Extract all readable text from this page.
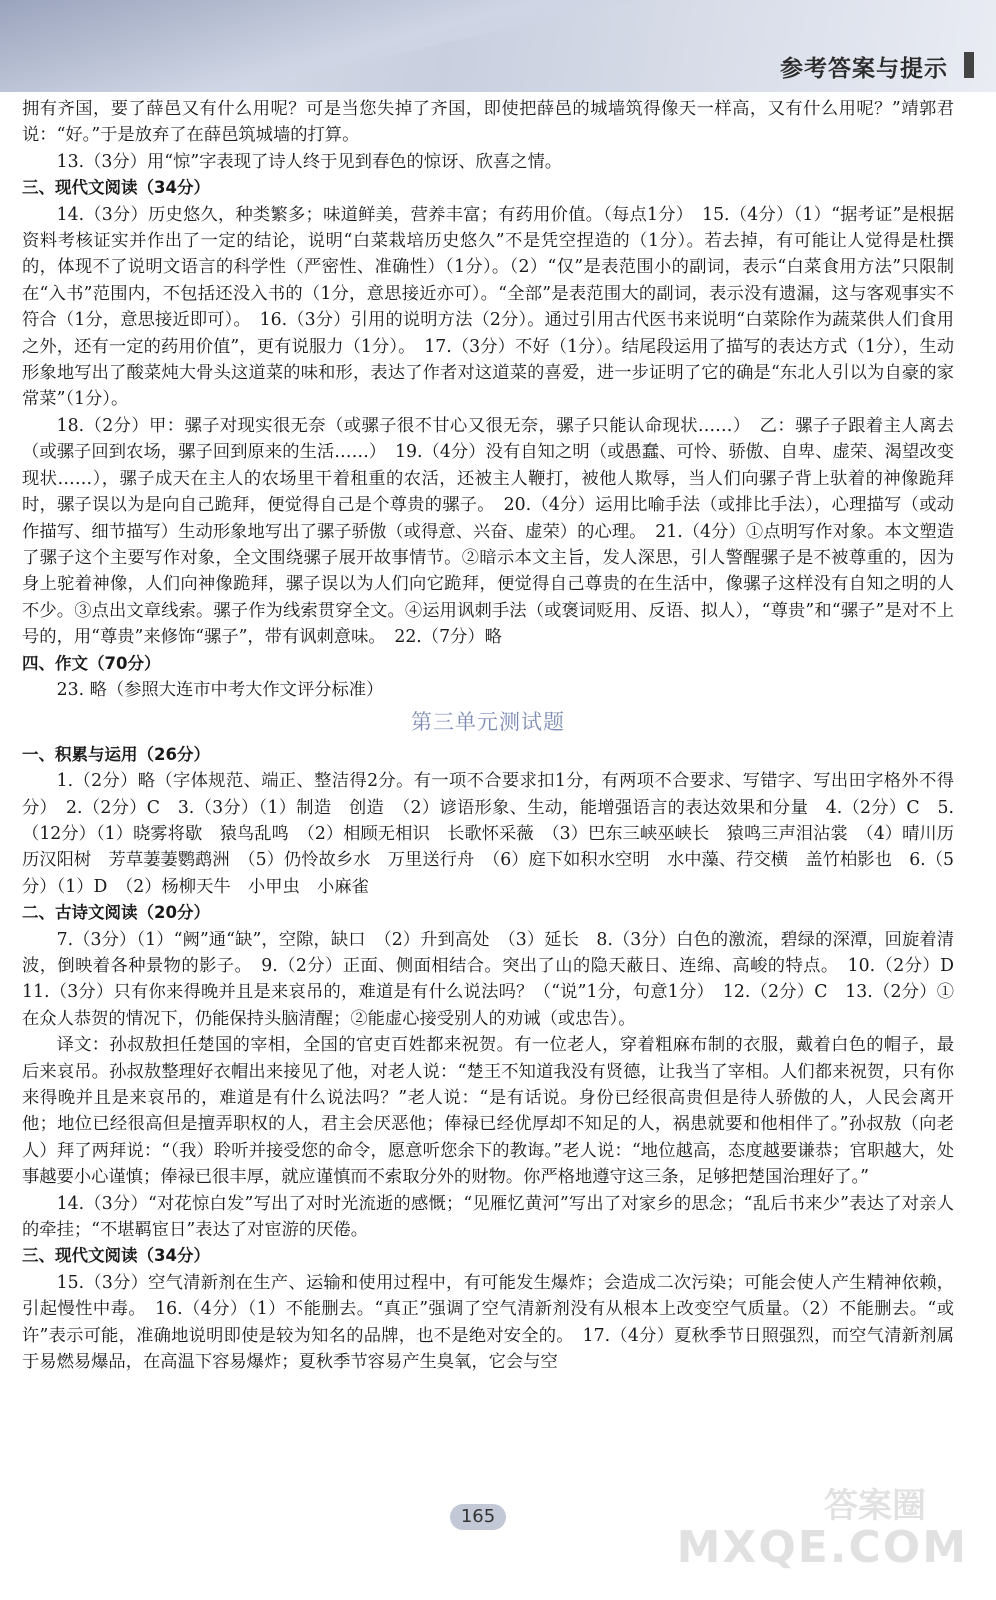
参考答案与提示

拥有齐国，要了薛邑又有什么用呢？可是当您失掉了齐国，即使把薛邑的城墙筑得像天一样高，又有什么用呢？”靖郭君说：“好。”于是放弃了在薛邑筑城墙的打算。

13.（3分）用“惊”字表现了诗人终于见到春色的惊讶、欣喜之情。

三、现代文阅读（34分）

14.（3分）历史悠久，种类繁多；味道鲜美，营养丰富；有药用价值。（每点1分）　15.（4分）（1）“据考证”是根据资料考核证实并作出了一定的结论，说明“白菜栽培历史悠久”不是凭空捏造的（1分）。若去掉，有可能让人觉得是杜撰的，体现不了说明文语言的科学性（严密性、准确性）（1分）。（2）“仅”是表范围小的副词，表示“白菜食用方法”只限制在“入书”范围内，不包括还没入书的（1分，意思接近亦可）。“全部”是表范围大的副词，表示没有遗漏，这与客观事实不符合（1分，意思接近即可）。　16.（3分）引用的说明方法（2分）。通过引用古代医书来说明“白菜除作为蔬菜供人们食用之外，还有一定的药用价值”，更有说服力（1分）。　17.（3分）不好（1分）。结尾段运用了描写的表达方式（1分），生动形象地写出了酸菜炖大骨头这道菜的味和形，表达了作者对这道菜的喜爱，进一步证明了它的确是“东北人引以为自豪的家常菜”（1分）。

18.（2分）甲：骡子对现实很无奈（或骡子很不甘心又很无奈，骡子只能认命现状……）　乙：骡子子跟着主人离去（或骡子回到农场，骡子回到原来的生活……）　19.（4分）没有自知之明（或愚蠢、可怜、骄傲、自卑、虚荣、渴望改变现状……），骡子成天在主人的农场里干着租重的农活，还被主人鞭打，被他人欺辱，当人们向骡子背上驮着的神像跪拜时，骡子误以为是向自己跪拜，便觉得自己是个尊贵的骡子。　20.（4分）运用比喻手法（或排比手法），心理描写（或动作描写、细节描写）生动形象地写出了骡子骄傲（或得意、兴奋、虚荣）的心理。　21.（4分）①点明写作对象。本文塑造了骡子这个主要写作对象，全文围绕骡子展开故事情节。②暗示本文主旨，发人深思，引人警醒骡子是不被尊重的，因为身上驼着神像，人们向神像跪拜，骡子误以为人们向它跪拜，便觉得自己尊贵的在生活中，像骡子这样没有自知之明的人不少。③点出文章线索。骡子作为线索贯穿全文。④运用讽刺手法（或褒词贬用、反语、拟人），“尊贵”和“骡子”是对不上号的，用“尊贵”来修饰“骡子”，带有讽刺意味。　22.（7分）略

四、作文（70分）

23. 略（参照大连市中考大作文评分标准）

第三单元测试题

一、积累与运用（26分）

1.（2分）略（字体规范、端正、整洁得2分。有一项不合要求扣1分，有两项不合要求、写错字、写出田字格外不得分）　2.（2分）C　3.（3分）（1）制造　创造　（2）谚语形象、生动，能增强语言的表达效果和分量　4.（2分）C　5.（12分）（1）晓雾将歇　猿鸟乱鸣　（2）相顾无相识　长歌怀采薇　（3）巴东三峡巫峡长　猿鸣三声泪沾裳　（4）晴川历历汉阳树　芳草萋萋鹦鹉洲　（5）仍怜故乡水　万里送行舟　（6）庭下如积水空明　水中藻、荇交横　盖竹柏影也　6.（5分）（1）D　（2）杨柳天牛　小甲虫　小麻雀

二、古诗文阅读（20分）

7.（3分）（1）“阙”通“缺”，空隙，缺口　（2）升到高处　（3）延长　8.（3分）白色的激流，碧绿的深潭，回旋着清波，倒映着各种景物的影子。　9.（2分）正面、侧面相结合。突出了山的隐天蔽日、连绵、高峻的特点。　10.（2分）D　11.（3分）只有你来得晚并且是来哀吊的，难道是有什么说法吗？（“说”1分，句意1分）　12.（2分）C　13.（2分）①在众人恭贺的情况下，仍能保持头脑清醒；②能虚心接受别人的劝诫（或忠告）。

译文：孙叔敖担任楚国的宰相，全国的官吏百姓都来祝贺。有一位老人，穿着粗麻布制的衣服，戴着白色的帽子，最后来哀吊。孙叔敖整理好衣帽出来接见了他，对老人说：“楚王不知道我没有贤德，让我当了宰相。人们都来祝贺，只有你来得晚并且是来哀吊的，难道是有什么说法吗？”老人说：“是有话说。身份已经很高贵但是待人骄傲的人，人民会离开他；地位已经很高但是擅弄职权的人，君主会厌恶他；俸禄已经优厚却不知足的人，祸患就要和他相伴了。”孙叔敖（向老人）拜了两拜说：“（我）聆听并接受您的命令，愿意听您余下的教诲。”老人说：“地位越高，态度越要谦恭；官职越大，处事越要小心谨慎；俸禄已很丰厚，就应谨慎而不索取分外的财物。你严格地遵守这三条，足够把楚国治理好了。”

14.（3分）“对花惊白发”写出了对时光流逝的感慨；“见雁忆黄河”写出了对家乡的思念；“乱后书来少”表达了对亲人的牵挂；“不堪羁宦日”表达了对宦游的厌倦。

三、现代文阅读（34分）

15.（3分）空气清新剂在生产、运输和使用过程中，有可能发生爆炸；会造成二次污染；可能会使人产生精神依赖，引起慢性中毒。　16.（4分）（1）不能删去。“真正”强调了空气清新剂没有从根本上改变空气质量。（2）不能删去。“或许”表示可能，准确地说明即使是较为知名的品牌，也不是绝对安全的。　17.（4分）夏秋季节日照强烈，而空气清新剂属于易燃易爆品，在高温下容易爆炸；夏秋季节容易产生臭氧，它会与空

165	答案圈
MXQE.COM
